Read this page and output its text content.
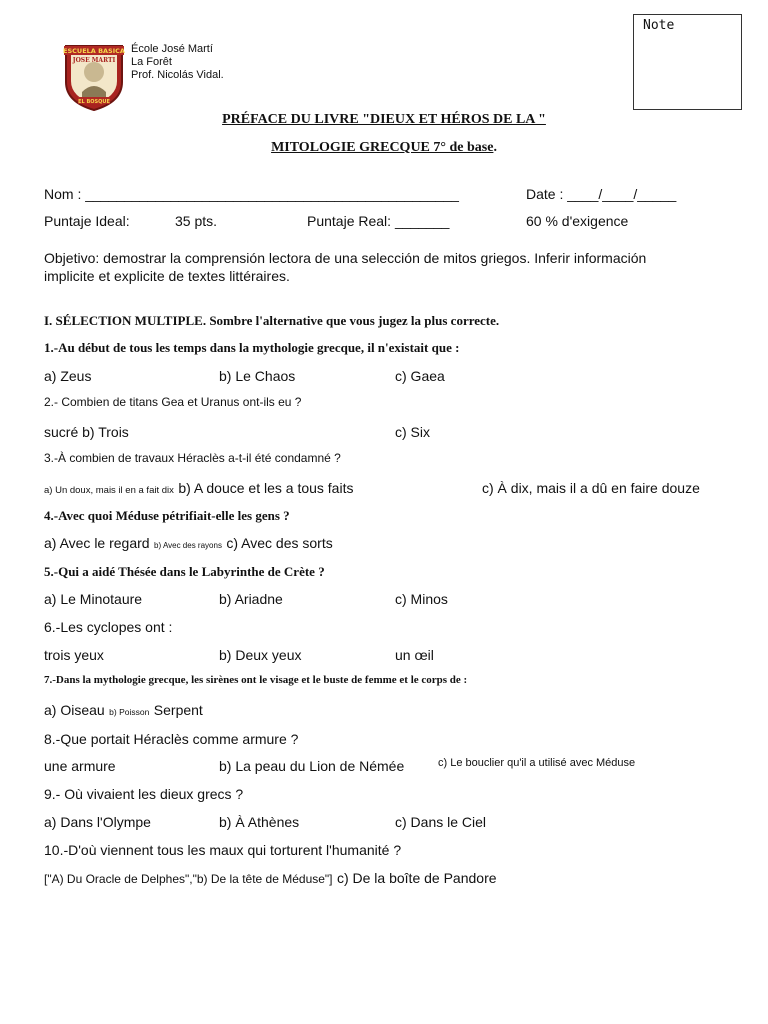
Note
ESCUELA BASICA
JOSE MARTI
EL BOSQUE
École José Martí
La Forêt
Prof. Nicolás Vidal.
PRÉFACE DU LIVRE "DIEUX ET HÉROS DE LA "
MITOLOGIE GRECQUE 7° de base.
Nom : ________________________________________________	Date : ____/____/_____
Puntaje Ideal:	35 pts.	Puntaje Real: _______	60 % d'exigence
Objetivo: demostrar la comprensión lectora de una selección de mitos griegos. Inferir información
implicite et explicite de textes littéraires.
I. SÉLECTION MULTIPLE. Sombre l'alternative que vous jugez la plus correcte.
1.-Au début de tous les temps dans la mythologie grecque, il n'existait que :
a) Zeus	b) Le Chaos	c) Gaea
2.- Combien de titans Gea et Uranus ont-ils eu ?
sucré b) Trois	c) Six
3.-À combien de travaux Héraclès a-t-il été condamné ?
a) Un doux, mais il en a fait dix b) A douce et les a tous faits	c) À dix, mais il a dû en faire douze
4.-Avec quoi Méduse pétrifiait-elle les gens ?
a) Avec le regard b) Avec des rayons c) Avec des sorts
5.-Qui a aidé Thésée dans le Labyrinthe de Crète ?
a) Le Minotaure	b) Ariadne	c) Minos
6.-Les cyclopes ont :
trois yeux	b) Deux yeux	un œil
7.-Dans la mythologie grecque, les sirènes ont le visage et le buste de femme et le corps de :
a) Oiseau b) Poisson Serpent
8.-Que portait Héraclès comme armure ?
une armure	b) La peau du Lion de Némée	c) Le bouclier qu'il a utilisé avec Méduse
9.- Où vivaient les dieux grecs ?
a) Dans l'Olympe	b) À Athènes	c) Dans le Ciel
10.-D'où viennent tous les maux qui torturent l'humanité ?
["A) Du Oracle de Delphes","b) De la tête de Méduse"] c) De la boîte de Pandore
